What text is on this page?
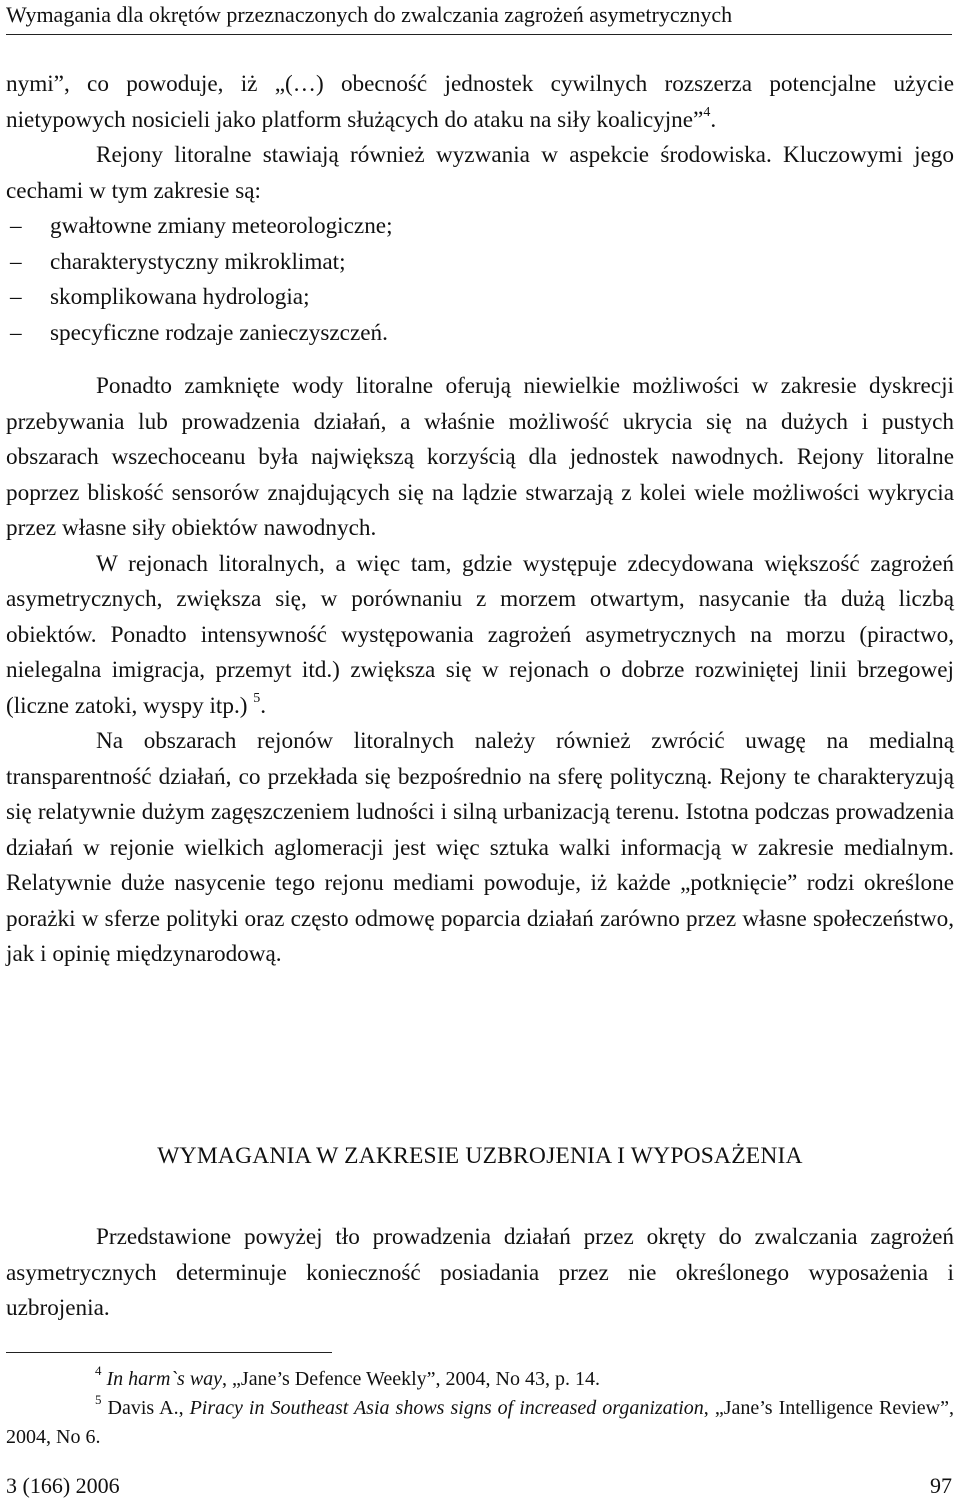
Wymagania dla okrętów przeznaczonych do zwalczania zagrożeń asymetrycznych

nymi”, co powoduje, iż „(…) obecność jednostek cywilnych rozszerza potencjalne użycie nietypowych nosicieli jako platform służących do ataku na siły koalicyjne”$^4$.

Rejony litoralne stawiają również wyzwania w aspekcie środowiska. Kluczowymi jego cechami w tym zakresie są:

– gwałtowne zmiany meteorologiczne;
– charakterystyczny mikroklimat;
– skomplikowana hydrologia;
– specyficzne rodzaje zanieczyszczeń.

Ponadto zamknięte wody litoralne oferują niewielkie możliwości w zakresie dyskrecji przebywania lub prowadzenia działań, a właśnie możliwość ukrycia się na dużych i pustych obszarach wszechoceanu była największą korzyścią dla jednostek nawodnych. Rejony litoralne poprzez bliskość sensorów znajdujących się na lądzie stwarzają z kolei wiele możliwości wykrycia przez własne siły obiektów nawodnych.

W rejonach litoralnych, a więc tam, gdzie występuje zdecydowana większość zagrożeń asymetrycznych, zwiększa się, w porównaniu z morzem otwartym, nasycanie tła dużą liczbą obiektów. Ponadto intensywność występowania zagrożeń asymetrycznych na morzu (piractwo, nielegalna imigracja, przemyt itd.) zwiększa się w rejonach o dobrze rozwiniętej linii brzegowej (liczne zatoki, wyspy itp.) $^5$.

Na obszarach rejonów litoralnych należy również zwrócić uwagę na medialną transparentność działań, co przekłada się bezpośrednio na sferę polityczną. Rejony te charakteryzują się relatywnie dużym zagęszczeniem ludności i silną urbanizacją terenu. Istotna podczas prowadzenia działań w rejonie wielkich aglomeracji jest więc sztuka walki informacją w zakresie medialnym. Relatywnie duże nasycenie tego rejonu mediami powoduje, iż każde „potknięcie” rodzi określone porażki w sferze polityki oraz często odmowę poparcia działań zarówno przez własne społeczeństwo, jak i opinię międzynarodową.

WYMAGANIA W ZAKRESIE UZBROJENIA I WYPOSAŻENIA

Przedstawione powyżej tło prowadzenia działań przez okręty do zwalczania zagrożeń asymetrycznych determinuje konieczność posiadania przez nie określonego wyposażenia i uzbrojenia.

$^4$ In harm`s way, „Jane’s Defence Weekly”, 2004, No 43, p. 14.

$^5$ Davis A., Piracy in Southeast Asia shows signs of increased organization, „Jane’s Intelligence Review”, 2004, No 6.

3 (166) 2006	97
